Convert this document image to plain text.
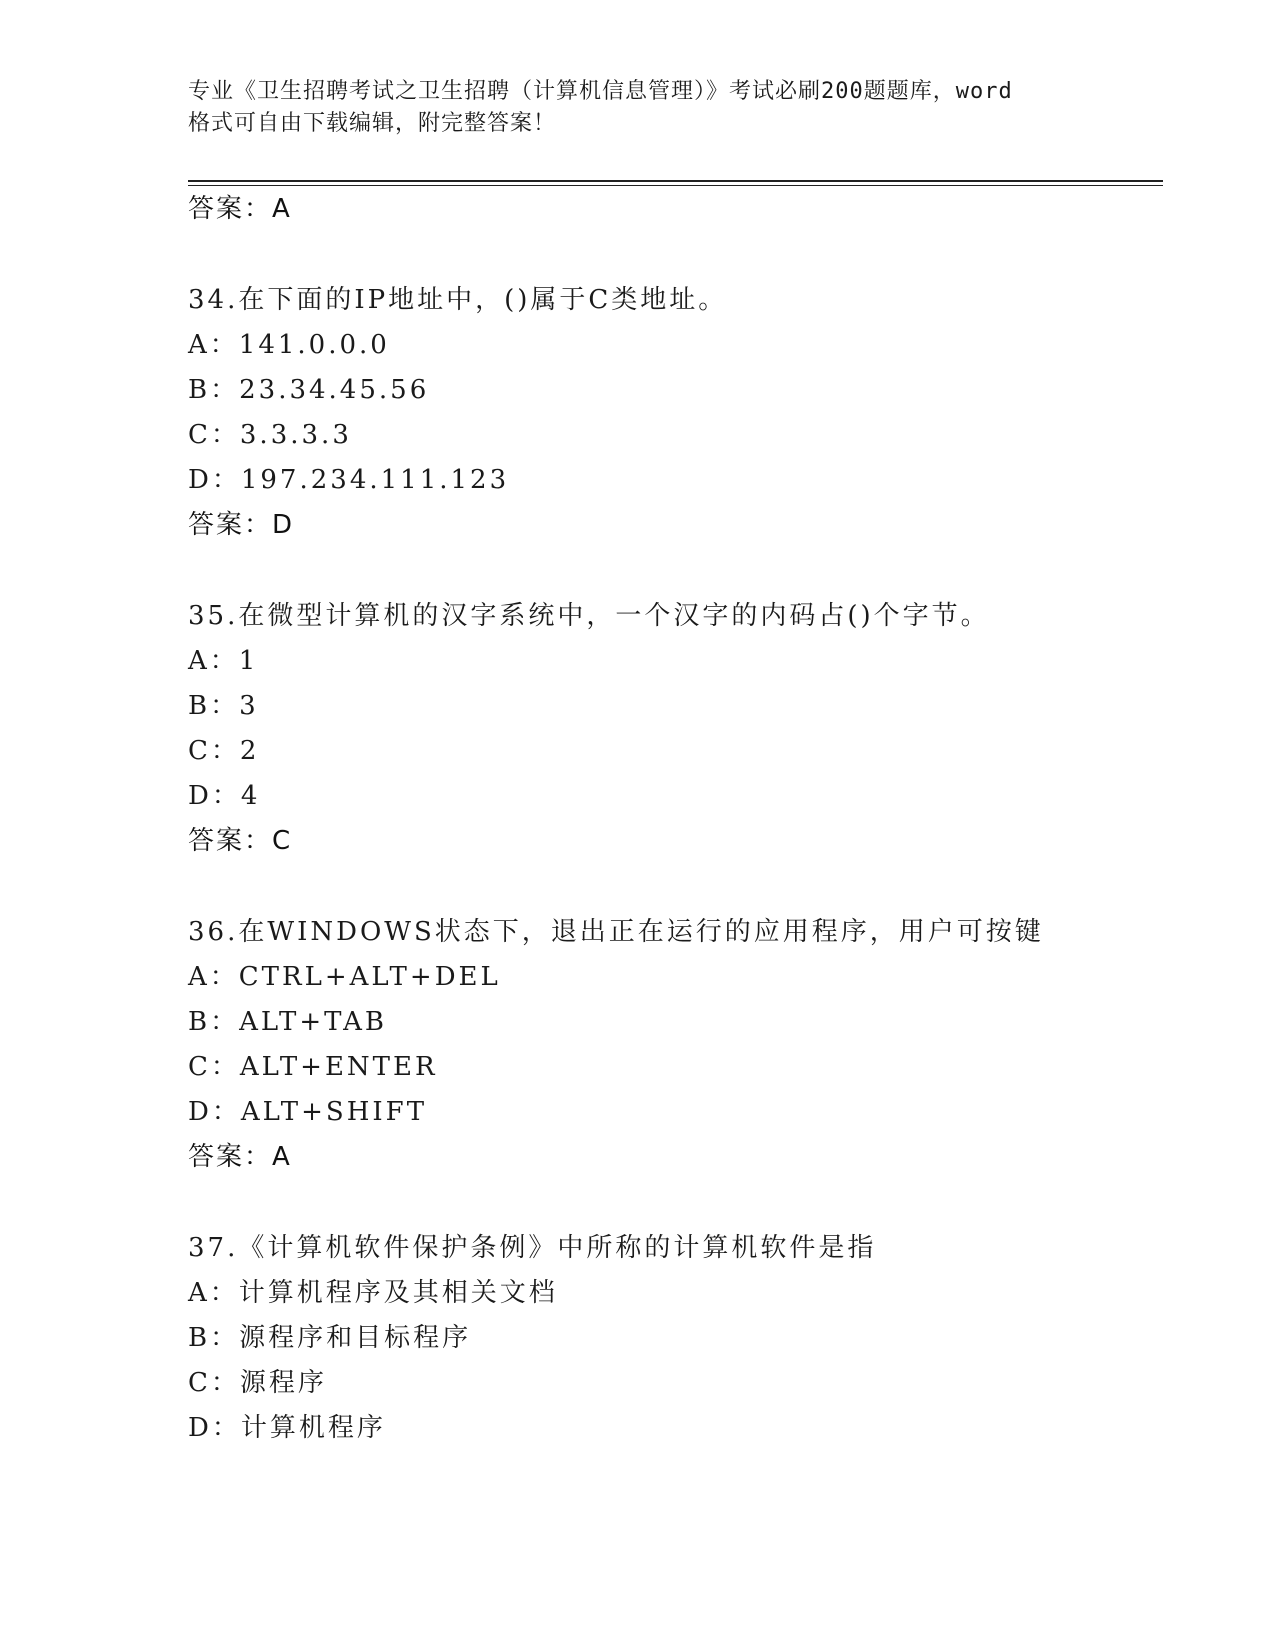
专业《卫生招聘考试之卫生招聘（计算机信息管理）》考试必刷200题题库，word
格式可自由下载编辑，附完整答案！
答案：A
34.在下面的IP地址中，()属于C类地址。
A：141.0.0.0
B：23.34.45.56
C：3.3.3.3
D：197.234.111.123
答案：D
35.在微型计算机的汉字系统中，一个汉字的内码占()个字节。
A：1
B：3
C：2
D：4
答案：C
36.在WINDOWS状态下，退出正在运行的应用程序，用户可按键
A：CTRL+ALT+DEL
B：ALT+TAB
C：ALT+ENTER
D：ALT+SHIFT
答案：A
37.《计算机软件保护条例》中所称的计算机软件是指
A：计算机程序及其相关文档
B：源程序和目标程序
C：源程序
D：计算机程序
